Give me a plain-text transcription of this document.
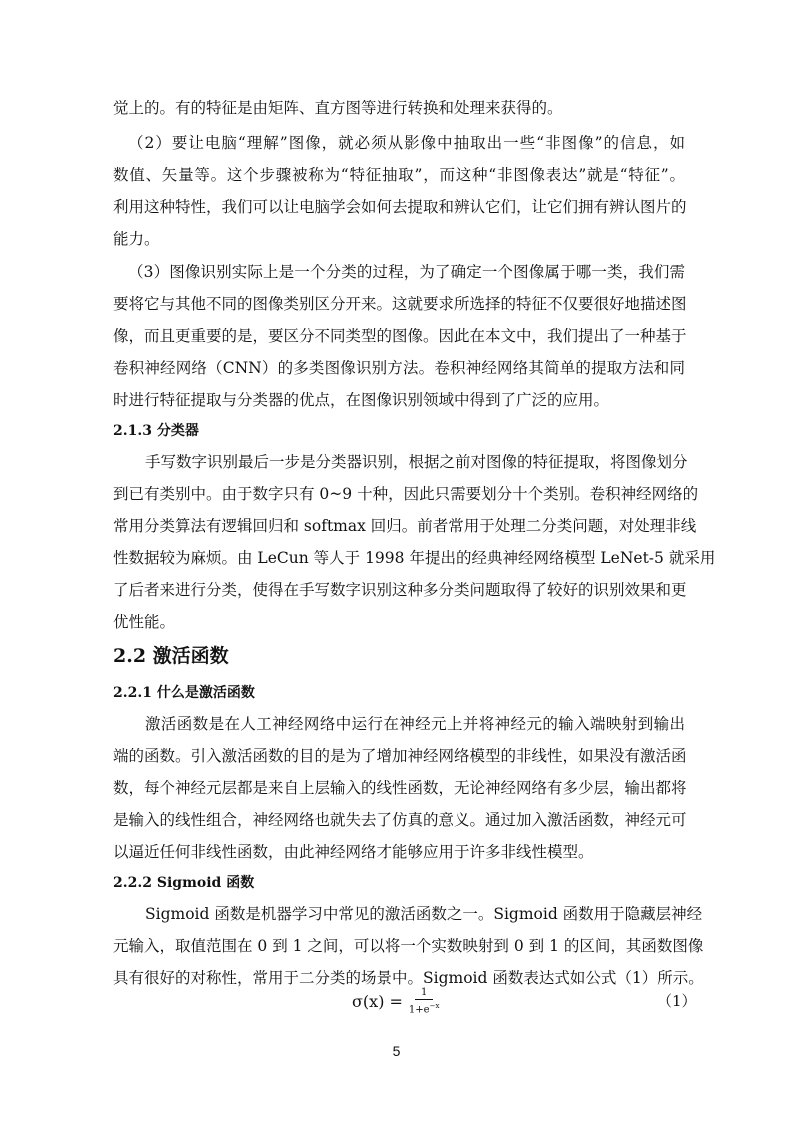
觉上的。有的特征是由矩阵、直方图等进行转换和处理来获得的。

（2）要让电脑“理解”图像，就必须从影像中抽取出一些“非图像”的信息，如

数值、矢量等。这个步骤被称为“特征抽取”，而这种“非图像表达”就是“特征”。

利用这种特性，我们可以让电脑学会如何去提取和辨认它们，让它们拥有辨认图片的

能力。

（3）图像识别实际上是一个分类的过程，为了确定一个图像属于哪一类，我们需

要将它与其他不同的图像类别区分开来。这就要求所选择的特征不仅要很好地描述图

像，而且更重要的是，要区分不同类型的图像。因此在本文中，我们提出了一种基于

卷积神经网络（CNN）的多类图像识别方法。卷积神经网络其简单的提取方法和同

时进行特征提取与分类器的优点，在图像识别领域中得到了广泛的应用。

2.1.3 分类器

手写数字识别最后一步是分类器识别，根据之前对图像的特征提取，将图像划分

到已有类别中。由于数字只有 0~9 十种，因此只需要划分十个类别。卷积神经网络的

常用分类算法有逻辑回归和 softmax 回归。前者常用于处理二分类问题，对处理非线

性数据较为麻烦。由 LeCun 等人于 1998 年提出的经典神经网络模型 LeNet-5 就采用

了后者来进行分类，使得在手写数字识别这种多分类问题取得了较好的识别效果和更

优性能。

2.2 激活函数

2.2.1 什么是激活函数

激活函数是在人工神经网络中运行在神经元上并将神经元的输入端映射到输出

端的函数。引入激活函数的目的是为了增加神经网络模型的非线性，如果没有激活函

数，每个神经元层都是来自上层输入的线性函数，无论神经网络有多少层，输出都将

是输入的线性组合，神经网络也就失去了仿真的意义。通过加入激活函数，神经元可

以逼近任何非线性函数，由此神经网络才能够应用于许多非线性模型。

2.2.2 Sigmoid 函数

Sigmoid 函数是机器学习中常见的激活函数之一。Sigmoid 函数用于隐藏层神经

元输入，取值范围在 0 到 1 之间，可以将一个实数映射到 0 到 1 的区间，其函数图像

具有很好的对称性，常用于二分类的场景中。Sigmoid 函数表达式如公式（1）所示。

$\sigma(x) = \frac{1}{1+e^{-x}}$	（1）
5
